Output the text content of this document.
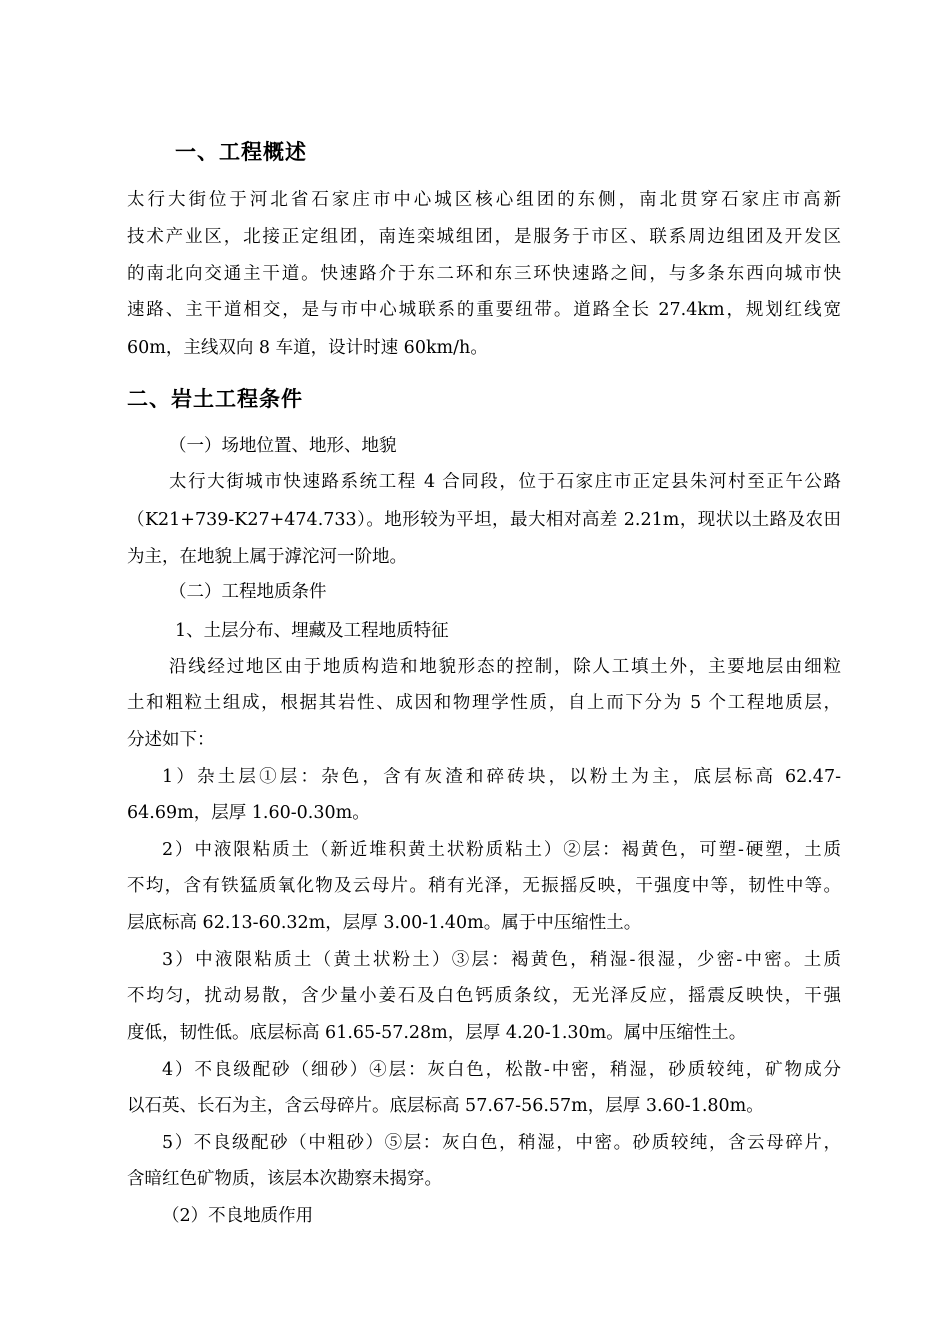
一、工程概述
太行大街位于河北省石家庄市中心城区核心组团的东侧，南北贯穿石家庄市高新
技术产业区，北接正定组团，南连栾城组团，是服务于市区、联系周边组团及开发区
的南北向交通主干道。快速路介于东二环和东三环快速路之间，与多条东西向城市快
速路、主干道相交，是与市中心城联系的重要纽带。道路全长 27.4km，规划红线宽
60m，主线双向 8 车道，设计时速 60km/h。
二、岩土工程条件
（一）场地位置、地形、地貌
太行大街城市快速路系统工程 4 合同段，位于石家庄市正定县朱河村至正午公路
（K21+739-K27+474.733）。地形较为平坦，最大相对高差 2.21m，现状以土路及农田
为主，在地貌上属于滹沱河一阶地。
（二）工程地质条件
1、土层分布、埋藏及工程地质特征
沿线经过地区由于地质构造和地貌形态的控制，除人工填土外，主要地层由细粒
土和粗粒土组成，根据其岩性、成因和物理学性质，自上而下分为 5 个工程地质层，
分述如下：
1）杂土层①层：杂色，含有灰渣和碎砖块，以粉土为主，底层标高 62.47-
64.69m，层厚 1.60-0.30m。
2）中液限粘质土（新近堆积黄土状粉质粘土）②层：褐黄色，可塑-硬塑，土质
不均，含有铁猛质氧化物及云母片。稍有光泽，无振摇反映，干强度中等，韧性中等。
层底标高 62.13-60.32m，层厚 3.00-1.40m。属于中压缩性土。
3）中液限粘质土（黄土状粉土）③层：褐黄色，稍湿-很湿，少密-中密。土质
不均匀，扰动易散，含少量小姜石及白色钙质条纹，无光泽反应，摇震反映快，干强
度低，韧性低。底层标高 61.65-57.28m，层厚 4.20-1.30m。属中压缩性土。
4）不良级配砂（细砂）④层：灰白色，松散-中密，稍湿，砂质较纯，矿物成分
以石英、长石为主，含云母碎片。底层标高 57.67-56.57m，层厚 3.60-1.80m。
5）不良级配砂（中粗砂）⑤层：灰白色，稍湿，中密。砂质较纯，含云母碎片，
含暗红色矿物质，该层本次勘察未揭穿。
（2）不良地质作用
